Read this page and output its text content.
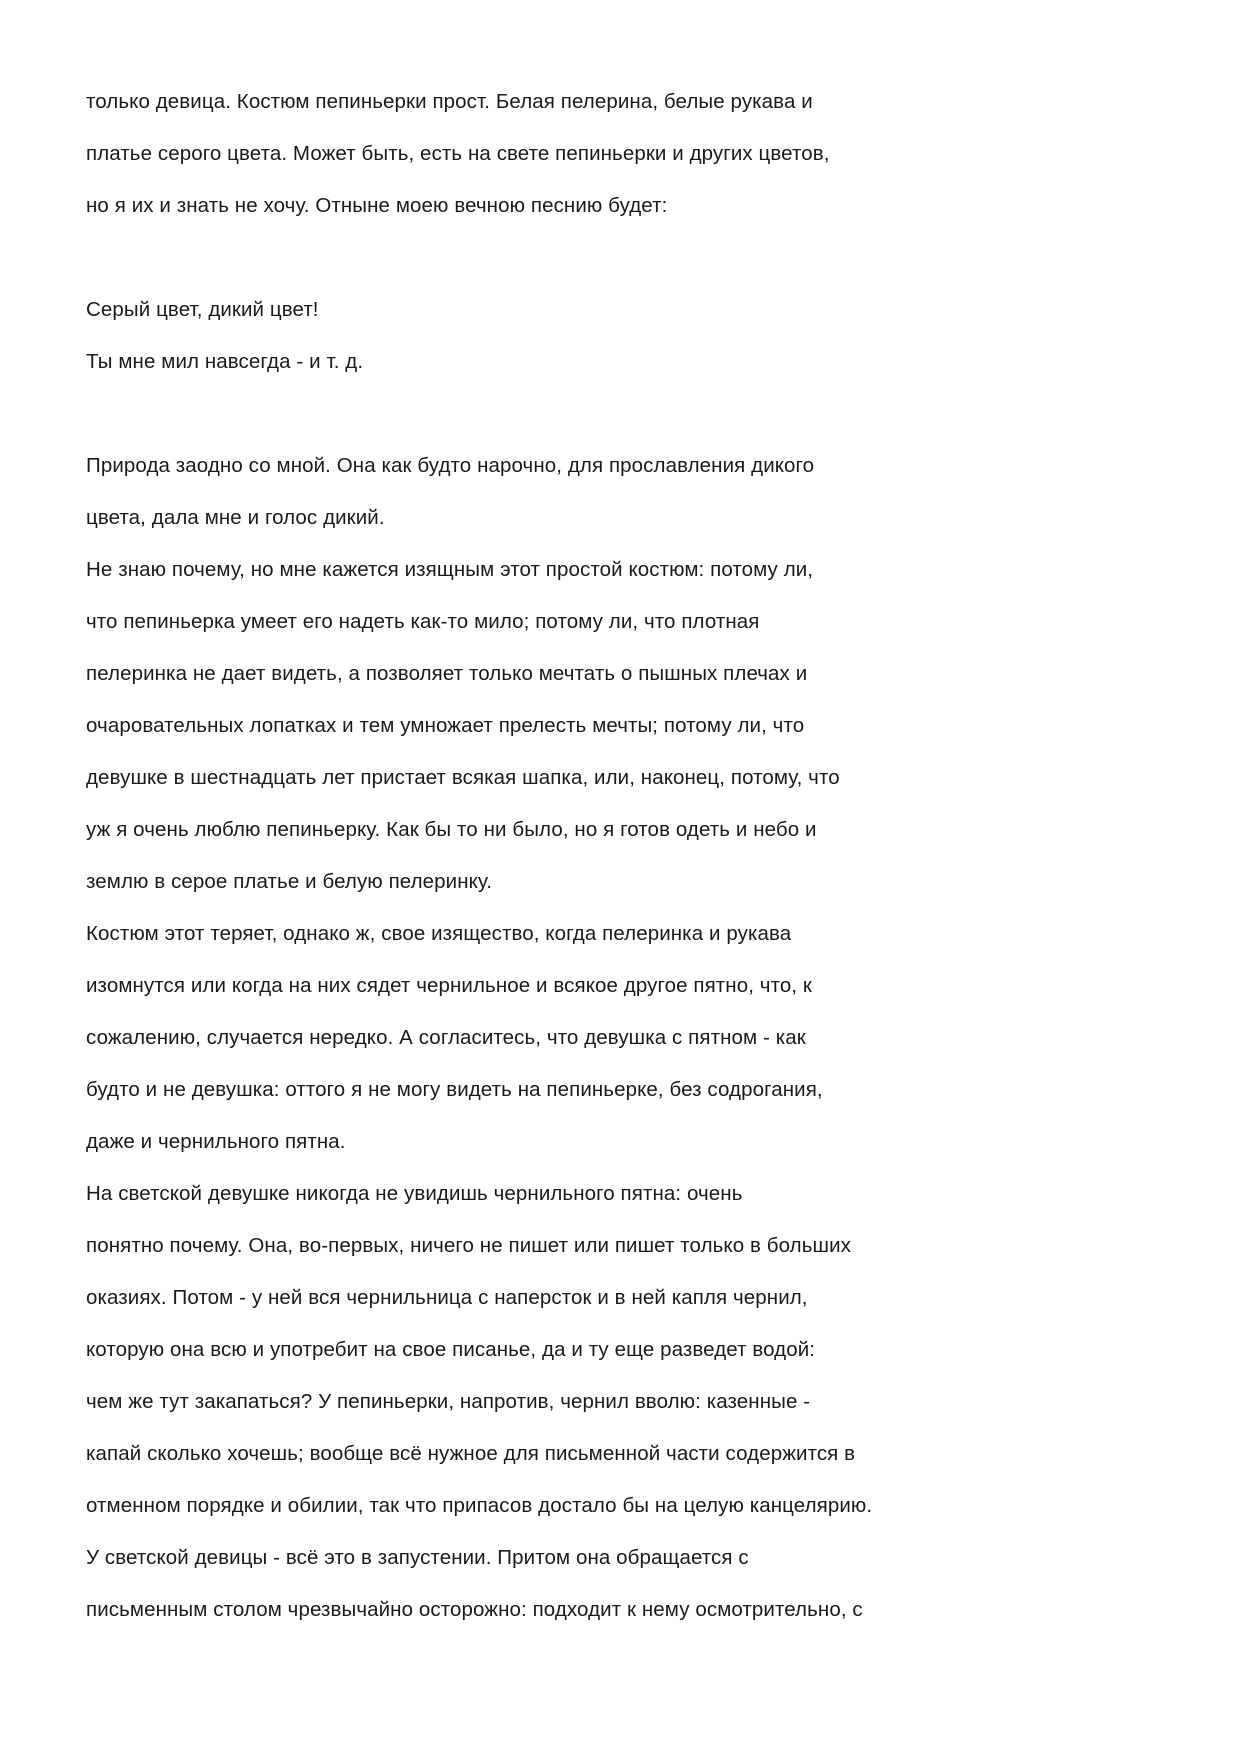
только девица. Костюм пепиньерки прост. Белая пелерина, белые рукава и
платье серого цвета. Может быть, есть на свете пепиньерки и других цветов,
но я их и знать не хочу. Отныне моею вечною песнию будет:
Серый цвет, дикий цвет!
Ты мне мил навсегда - и т. д.
Природа заодно со мной. Она как будто нарочно, для прославления дикого
цвета, дала мне и голос дикий.
Не знаю почему, но мне кажется изящным этот простой костюм: потому ли,
что пепиньерка умеет его надеть как-то мило; потому ли, что плотная
пелеринка не дает видеть, а позволяет только мечтать о пышных плечах и
очаровательных лопатках и тем умножает прелесть мечты; потому ли, что
девушке в шестнадцать лет пристает всякая шапка, или, наконец, потому, что
уж я очень люблю пепиньерку. Как бы то ни было, но я готов одеть и небо и
землю в серое платье и белую пелеринку.
Костюм этот теряет, однако ж, свое изящество, когда пелеринка и рукава
изомнутся или когда на них сядет чернильное и всякое другое пятно, что, к
сожалению, случается нередко. А согласитесь, что девушка с пятном - как
будто и не девушка: оттого я не могу видеть на пепиньерке, без содрогания,
даже и чернильного пятна.
На светской девушке никогда не увидишь чернильного пятна: очень
понятно почему. Она, во-первых, ничего не пишет или пишет только в больших
оказиях. Потом - у ней вся чернильница с наперсток и в ней капля чернил,
которую она всю и употребит на свое писанье, да и ту еще разведет водой:
чем же тут закапаться? У пепиньерки, напротив, чернил вволю: казенные -
капай сколько хочешь; вообще всё нужное для письменной части содержится в
отменном порядке и обилии, так что припасов достало бы на целую канцелярию.
У светской девицы - всё это в запустении. Притом она обращается с
письменным столом чрезвычайно осторожно: подходит к нему осмотрительно, с
